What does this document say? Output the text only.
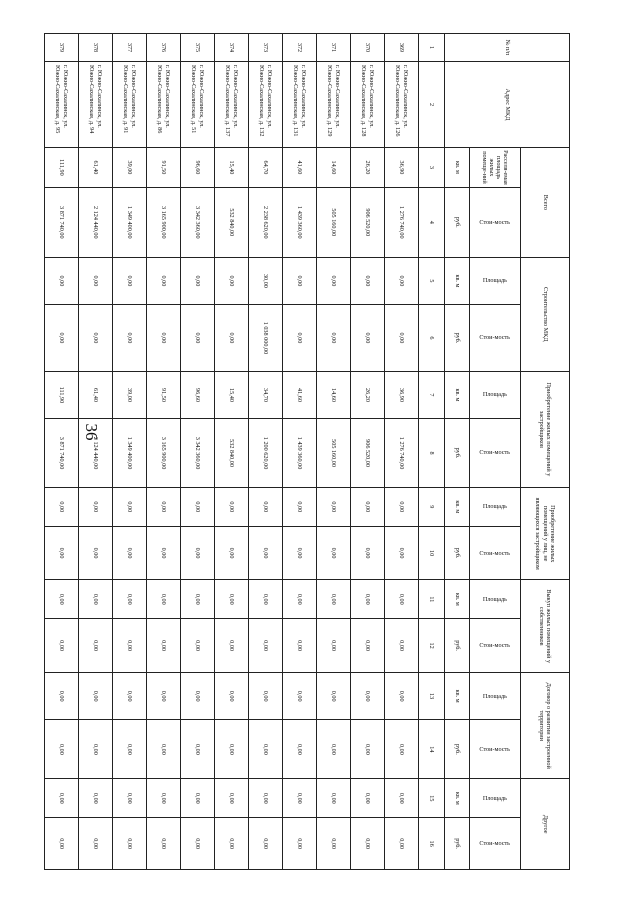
36
№ п/п	Адрес МКД	Всего		Строительство МКД		Приобретение жилых помещений у застройщиков		Приобретение жилых помещений у лиц, не являющихся застройщиком		Выкуп жилых помещений у собственников		Договор о развитии застроенной территории		Другое	
		Расселя-емая площадь жилых помеще-ний	Стои-мость	Площадь	Стои-мость	Площадь	Стои-мость	Площадь	Стои-мость	Площадь	Стои-мость	Площадь	Стои-мость	Площадь	Стои-мость

		кв. м	руб.	кв. м	руб.	кв. м	руб.	кв. м	руб.	кв. м	руб.	кв. м	руб.	кв. м	руб.
1	2	3	4	5	6	7	8	9	10	11	12	13	14	15	16
369	г. Южно-Сахалинск, ул. Южно-Сахалинская, д. 126	36,90	1 276 740,00	0,00	0,00	36,90	1 276 740,00	0,00	0,00	0,00	0,00	0,00	0,00	0,00	0,00
370	г. Южно-Сахалинск, ул. Южно-Сахалинская, д. 128	26,20	906 520,00	0,00	0,00	26,20	906 520,00	0,00	0,00	0,00	0,00	0,00	0,00	0,00	0,00
371	г. Южно-Сахалинск, ул. Южно-Сахалинская, д. 129	14,60	505 160,00	0,00	0,00	14,60	505 160,00	0,00	0,00	0,00	0,00	0,00	0,00	0,00	0,00
372	г. Южно-Сахалинск, ул. Южно-Сахалинская, д. 131	41,60	1 439 360,00	0,00	0,00	41,60	1 439 360,00	0,00	0,00	0,00	0,00	0,00	0,00	0,00	0,00
373	г. Южно-Сахалинск, ул. Южно-Сахалинская, д. 132	64,70	2 238 620,00	30,00	1 038 000,00	34,70	1 200 620,00	0,00	0,00	0,00	0,00	0,00	0,00	0,00	0,00
374	г. Южно-Сахалинск, ул. Южно-Сахалинская, д. 137	15,40	532 840,00	0,00	0,00	15,40	532 840,00	0,00	0,00	0,00	0,00	0,00	0,00	0,00	0,00
375	г. Южно-Сахалинск, ул. Южно-Сахалинская, д. 51	96,60	3 342 360,00	0,00	0,00	96,60	3 342 360,00	0,00	0,00	0,00	0,00	0,00	0,00	0,00	0,00
376	г. Южно-Сахалинск, ул. Южно-Сахалинская, д. 86	91,50	3 165 900,00	0,00	0,00	91,50	3 165 900,00	0,00	0,00	0,00	0,00	0,00	0,00	0,00	0,00
377	г. Южно-Сахалинск, ул. Южно-Сахалинская, д. 91	39,00	1 349 400,00	0,00	0,00	39,00	1 349 400,00	0,00	0,00	0,00	0,00	0,00	0,00	0,00	0,00
378	г. Южно-Сахалинск, ул. Южно-Сахалинская, д. 94	61,40	2 124 440,00	0,00	0,00	61,40	2 124 440,00	0,00	0,00	0,00	0,00	0,00	0,00	0,00	0,00
379	г. Южно-Сахалинск, ул. Южно-Сахалинская, д. 95	111,90	3 871 740,00	0,00	0,00	111,90	3 871 740,00	0,00	0,00	0,00	0,00	0,00	0,00	0,00	0,00
